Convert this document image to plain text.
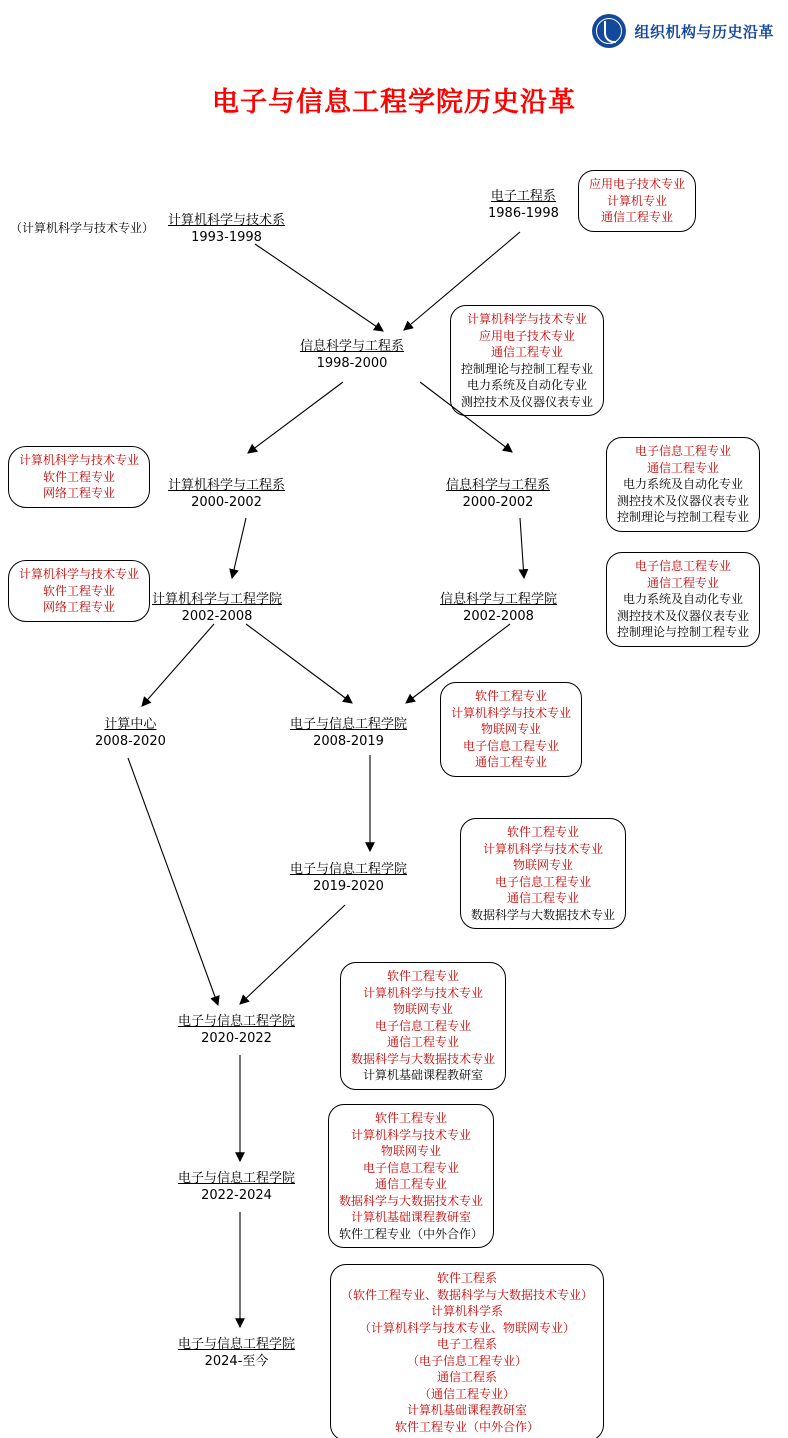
组织机构与历史沿革
电子与信息工程学院历史沿革
电子工程系
1986-1998
（计算机科学与技术专业） 计算机科学与技术系
1993-1998
信息科学与工程系
1998-2000
计算机科学与工程系
2000-2002
信息科学与工程系
2000-2002
计算机科学与工程学院
2002-2008
信息科学与工程学院
2002-2008
计算中心
2008-2020
电子与信息工程学院
2008-2019
电子与信息工程学院
2019-2020
电子与信息工程学院
2020-2022
电子与信息工程学院
2022-2024
电子与信息工程学院
2024-至今
应用电子技术专业
计算机专业
通信工程专业
计算机科学与技术专业
应用电子技术专业
通信工程专业
控制理论与控制工程专业
电力系统及自动化专业
测控技术及仪器仪表专业
计算机科学与技术专业
软件工程专业
网络工程专业
电子信息工程专业
通信工程专业
电力系统及自动化专业
测控技术及仪器仪表专业
控制理论与控制工程专业
计算机科学与技术专业
软件工程专业
网络工程专业
电子信息工程专业
通信工程专业
电力系统及自动化专业
测控技术及仪器仪表专业
控制理论与控制工程专业
软件工程专业
计算机科学与技术专业
物联网专业
电子信息工程专业
通信工程专业
软件工程专业
计算机科学与技术专业
物联网专业
电子信息工程专业
通信工程专业
数据科学与大数据技术专业
软件工程专业
计算机科学与技术专业
物联网专业
电子信息工程专业
通信工程专业
数据科学与大数据技术专业
计算机基础课程教研室
软件工程专业
计算机科学与技术专业
物联网专业
电子信息工程专业
通信工程专业
数据科学与大数据技术专业
计算机基础课程教研室
软件工程专业（中外合作）
软件工程系
（软件工程专业、数据科学与大数据技术专业）
计算机科学系
（计算机科学与技术专业、物联网专业）
电子工程系
（电子信息工程专业）
通信工程系
（通信工程专业）
计算机基础课程教研室
软件工程专业（中外合作）
